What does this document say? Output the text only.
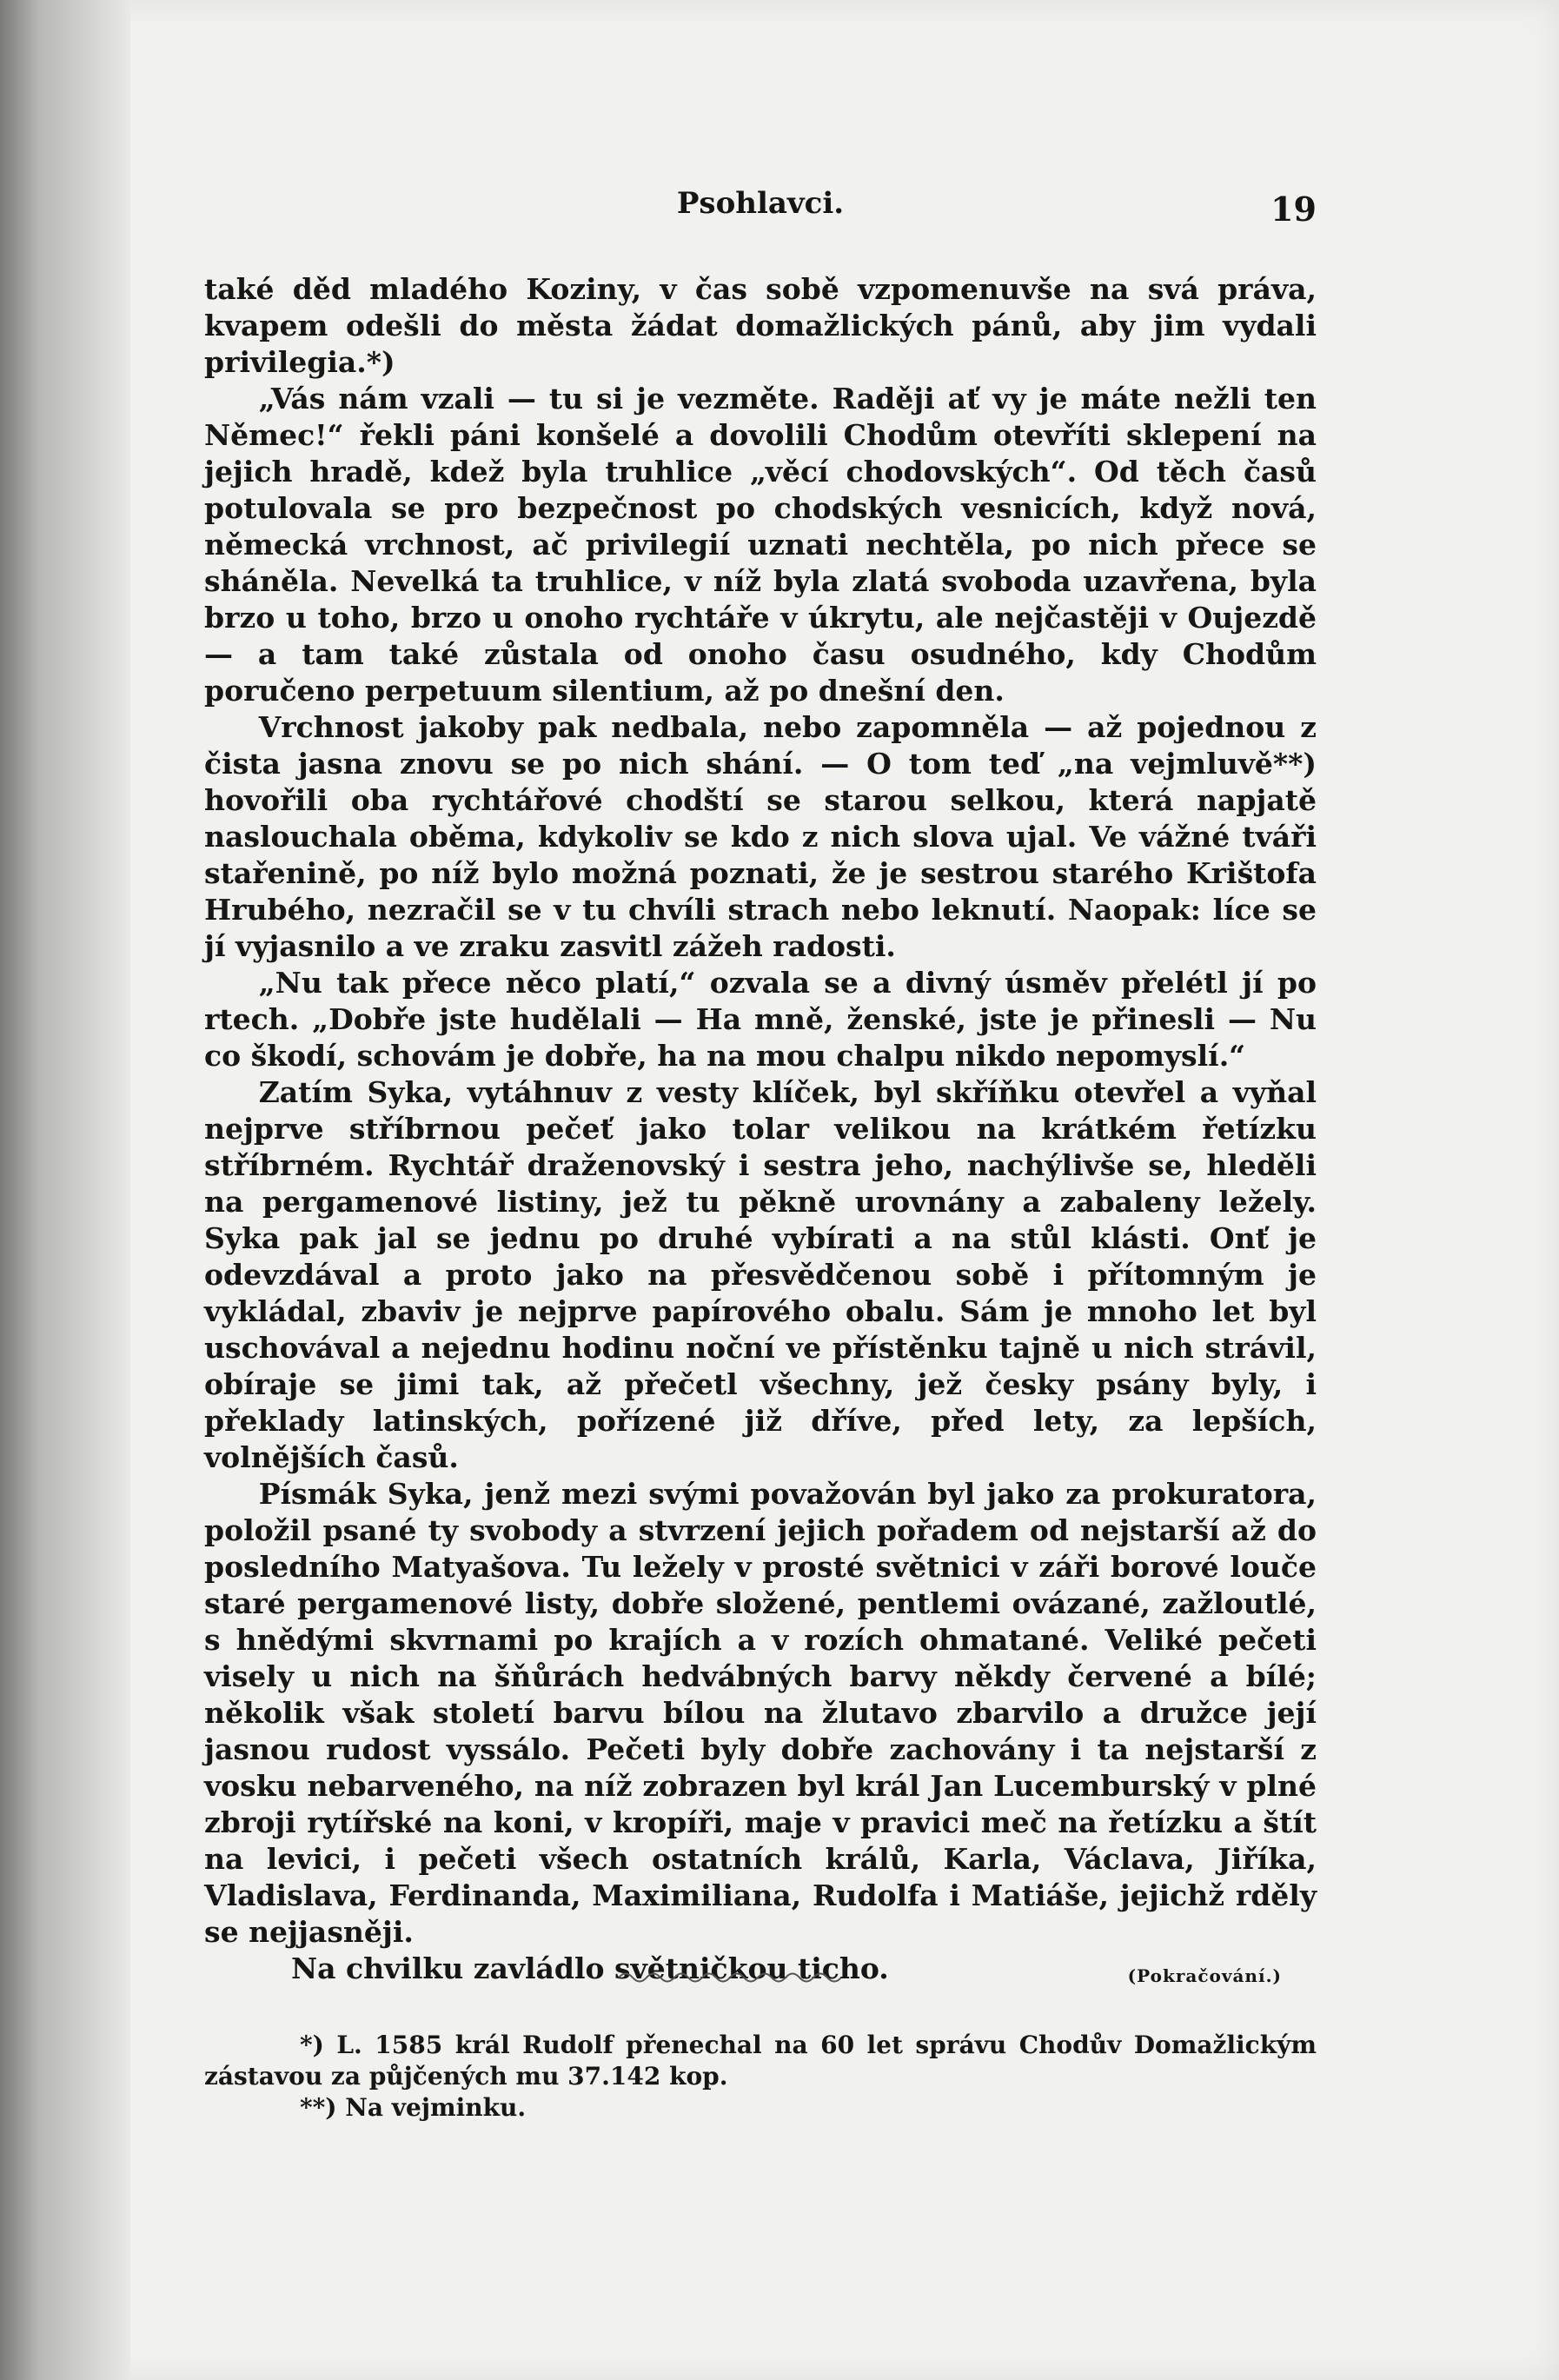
Psohlavci.	19

také děd mladého Koziny, v čas sobě vzpomenuvše na svá práva, kvapem odešli do města žádat domažlických pánů, aby jim vydali privilegia.*)

„Vás nám vzali — tu si je vezměte. Raději ať vy je máte nežli ten Němec!“ řekli páni konšelé a dovolili Chodům otevříti sklepení na jejich hradě, kdež byla truhlice „věcí chodovských“. Od těch časů potulovala se pro bezpečnost po chodských vesnicích, když nová, německá vrchnost, ač privilegií uznati nechtěla, po nich přece se sháněla. Nevelká ta truhlice, v níž byla zlatá svoboda uzavřena, byla brzo u toho, brzo u onoho rychtáře v úkrytu, ale nejčastěji v Oujezdě — a tam také zůstala od onoho času osudného, kdy Chodům poručeno perpetuum silentium, až po dnešní den.

Vrchnost jakoby pak nedbala, nebo zapomněla — až pojednou z čista jasna znovu se po nich shání. — O tom teď „na vejmluvě**) hovořili oba rychtářové chodští se starou selkou, která napjatě naslouchala oběma, kdykoliv se kdo z nich slova ujal. Ve vážné tváři stařenině, po níž bylo možná poznati, že je sestrou starého Krištofa Hrubého, nezračil se v tu chvíli strach nebo leknutí. Naopak: líce se jí vyjasnilo a ve zraku zasvitl zážeh radosti.

„Nu tak přece něco platí,“ ozvala se a divný úsměv přelétl jí po rtech. „Dobře jste hudělali — Ha mně, ženské, jste je přinesli — Nu co škodí, schovám je dobře, ha na mou chalpu nikdo nepomyslí.“

Zatím Syka, vytáhnuv z vesty klíček, byl skříňku otevřel a vyňal nejprve stříbrnou pečeť jako tolar velikou na krátkém řetízku stříbrném. Rychtář draženovský i sestra jeho, nachýlivše se, hleděli na pergamenové listiny, jež tu pěkně urovnány a zabaleny ležely. Syka pak jal se jednu po druhé vybírati a na stůl klásti. Onť je odevzdával a proto jako na přesvědčenou sobě i přítomným je vykládal, zbaviv je nejprve papírového obalu. Sám je mnoho let byl uschovával a nejednu hodinu noční ve přístěnku tajně u nich strávil, obíraje se jimi tak, až přečetl všechny, jež česky psány byly, i překlady latinských, pořízené již dříve, před lety, za lepších, volnějších časů.

Písmák Syka, jenž mezi svými považován byl jako za prokuratora, položil psané ty svobody a stvrzení jejich pořadem od nejstarší až do posledního Matyašova. Tu ležely v prosté světnici v záři borové louče staré pergamenové listy, dobře složené, pentlemi ovázané, zažloutlé, s hnědými skvrnami po krajích a v rozích ohmatané. Veliké pečeti visely u nich na šňůrách hedvábných barvy někdy červené a bílé; několik však století barvu bílou na žlutavo zbarvilo a družce její jasnou rudost vyssálo. Pečeti byly dobře zachovány i ta nejstarší z vosku nebarveného, na níž zobrazen byl král Jan Lucemburský v plné zbroji rytířské na koni, v kropíři, maje v pravici meč na řetízku a štít na levici, i pečeti všech ostatních králů, Karla, Václava, Jiříka, Vladislava, Ferdinanda, Maximiliana, Rudolfa i Matiáše, jejichž rděly se nejjasněji.

Na chvilku zavládlo světničkou ticho.	(Pokračování.)

*) L. 1585 král Rudolf přenechal na 60 let správu Chodův Domažlickým zástavou za půjčených mu 37.142 kop.

**) Na vejminku.
